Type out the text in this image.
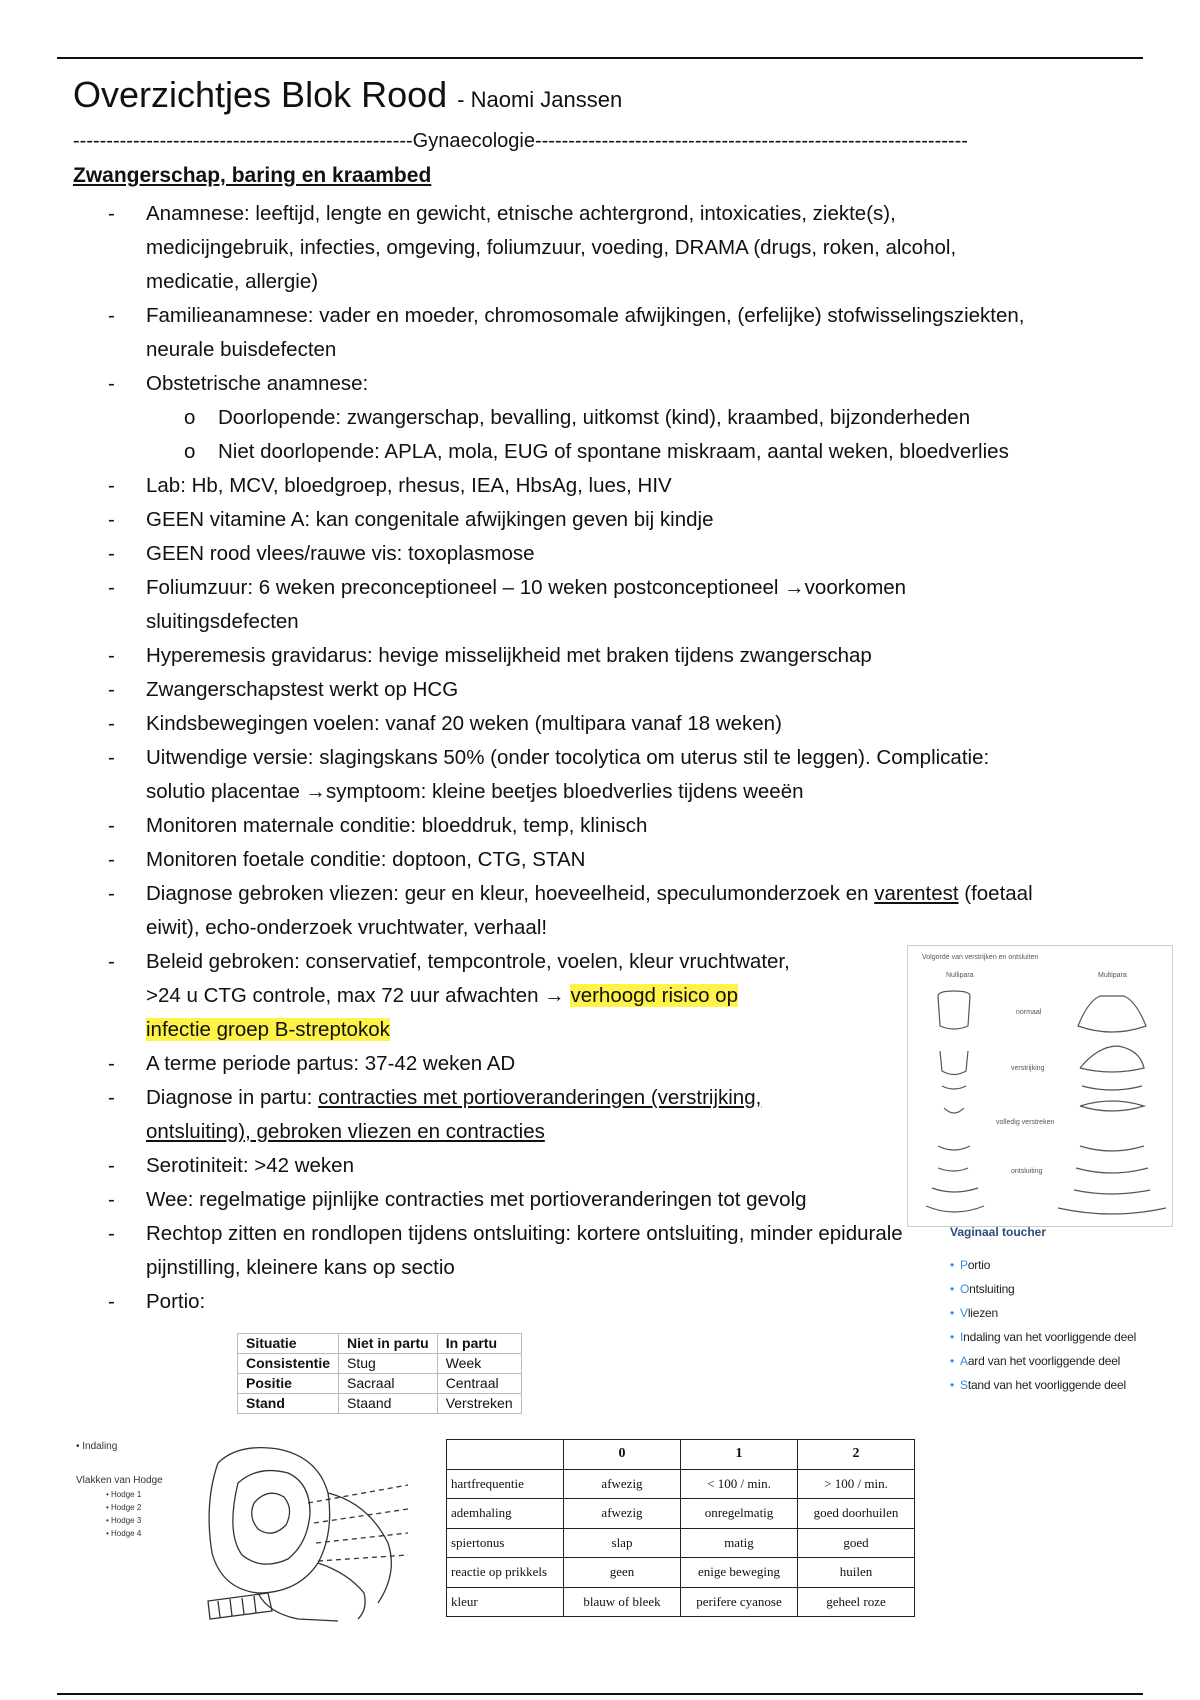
Overzichtjes Blok Rood - Naomi Janssen
---------------------------------------------------Gynaecologie-----------------------------------------------------------------
Zwangerschap, baring en kraambed
- Anamnese: leeftijd, lengte en gewicht, etnische achtergrond, intoxicaties, ziekte(s), medicijngebruik, infecties, omgeving, foliumzuur, voeding, DRAMA (drugs, roken, alcohol, medicatie, allergie)
- Familieanamnese: vader en moeder, chromosomale afwijkingen, (erfelijke) stofwisselingsziekten, neurale buisdefecten
- Obstetrische anamnese:
o Doorlopende: zwangerschap, bevalling, uitkomst (kind), kraambed, bijzonderheden
o Niet doorlopende: APLA, mola, EUG of spontane miskraam, aantal weken, bloedverlies
- Lab: Hb, MCV, bloedgroep, rhesus, IEA, HbsAg, lues, HIV
- GEEN vitamine A: kan congenitale afwijkingen geven bij kindje
- GEEN rood vlees/rauwe vis: toxoplasmose
- Foliumzuur: 6 weken preconceptioneel – 10 weken postconceptioneel →voorkomen sluitingsdefecten
- Hyperemesis gravidarus: hevige misselijkheid met braken tijdens zwangerschap
- Zwangerschapstest werkt op HCG
- Kindsbewegingen voelen: vanaf 20 weken (multipara vanaf 18 weken)
- Uitwendige versie: slagingskans 50% (onder tocolytica om uterus stil te leggen). Complicatie: solutio placentae →symptoom: kleine beetjes bloedverlies tijdens weeën
- Monitoren maternale conditie: bloeddruk, temp, klinisch
- Monitoren foetale conditie: doptoon, CTG, STAN
- Diagnose gebroken vliezen: geur en kleur, hoeveelheid, speculumonderzoek en varentest (foetaal eiwit), echo-onderzoek vruchtwater, verhaal!
- Beleid gebroken: conservatief, tempcontrole, voelen, kleur vruchtwater, >24 u CTG controle, max 72 uur afwachten → verhoogd risico op infectie groep B-streptokok
- A terme periode partus: 37-42 weken AD
- Diagnose in partu: contracties met portioveranderingen (verstrijking, ontsluiting), gebroken vliezen en contracties
- Serotiniteit: >42 weken
- Wee: regelmatige pijnlijke contracties met portioveranderingen tot gevolg
- Rechtop zitten en rondlopen tijdens ontsluiting: kortere ontsluiting, minder epidurale pijnstilling, kleinere kans op sectio
- Portio:
Situatie	Niet in partu	In partu
Consistentie	Stug	Week
Positie	Sacraal	Centraal
Stand	Staand	Verstreken
Volgorde van verstrijken en ontsluiten
Nullipara	Multipara
normaal
verstrijking
volledig verstreken
ontsluiting
Vaginaal toucher
• Portio
• Ontsluiting
• Vliezen
• Indaling van het voorliggende deel
• Aard van het voorliggende deel
• Stand van het voorliggende deel
• Indaling
Vlakken van Hodge
• Hodge 1
• Hodge 2
• Hodge 3
• Hodge 4
	0	1	2
hartfrequentie	afwezig	< 100 / min.	> 100 / min.
ademhaling	afwezig	onregelmatig	goed doorhuilen
spiertonus	slap	matig	goed
reactie op prikkels	geen	enige beweging	huilen
kleur	blauw of bleek	perifere cyanose	geheel roze
